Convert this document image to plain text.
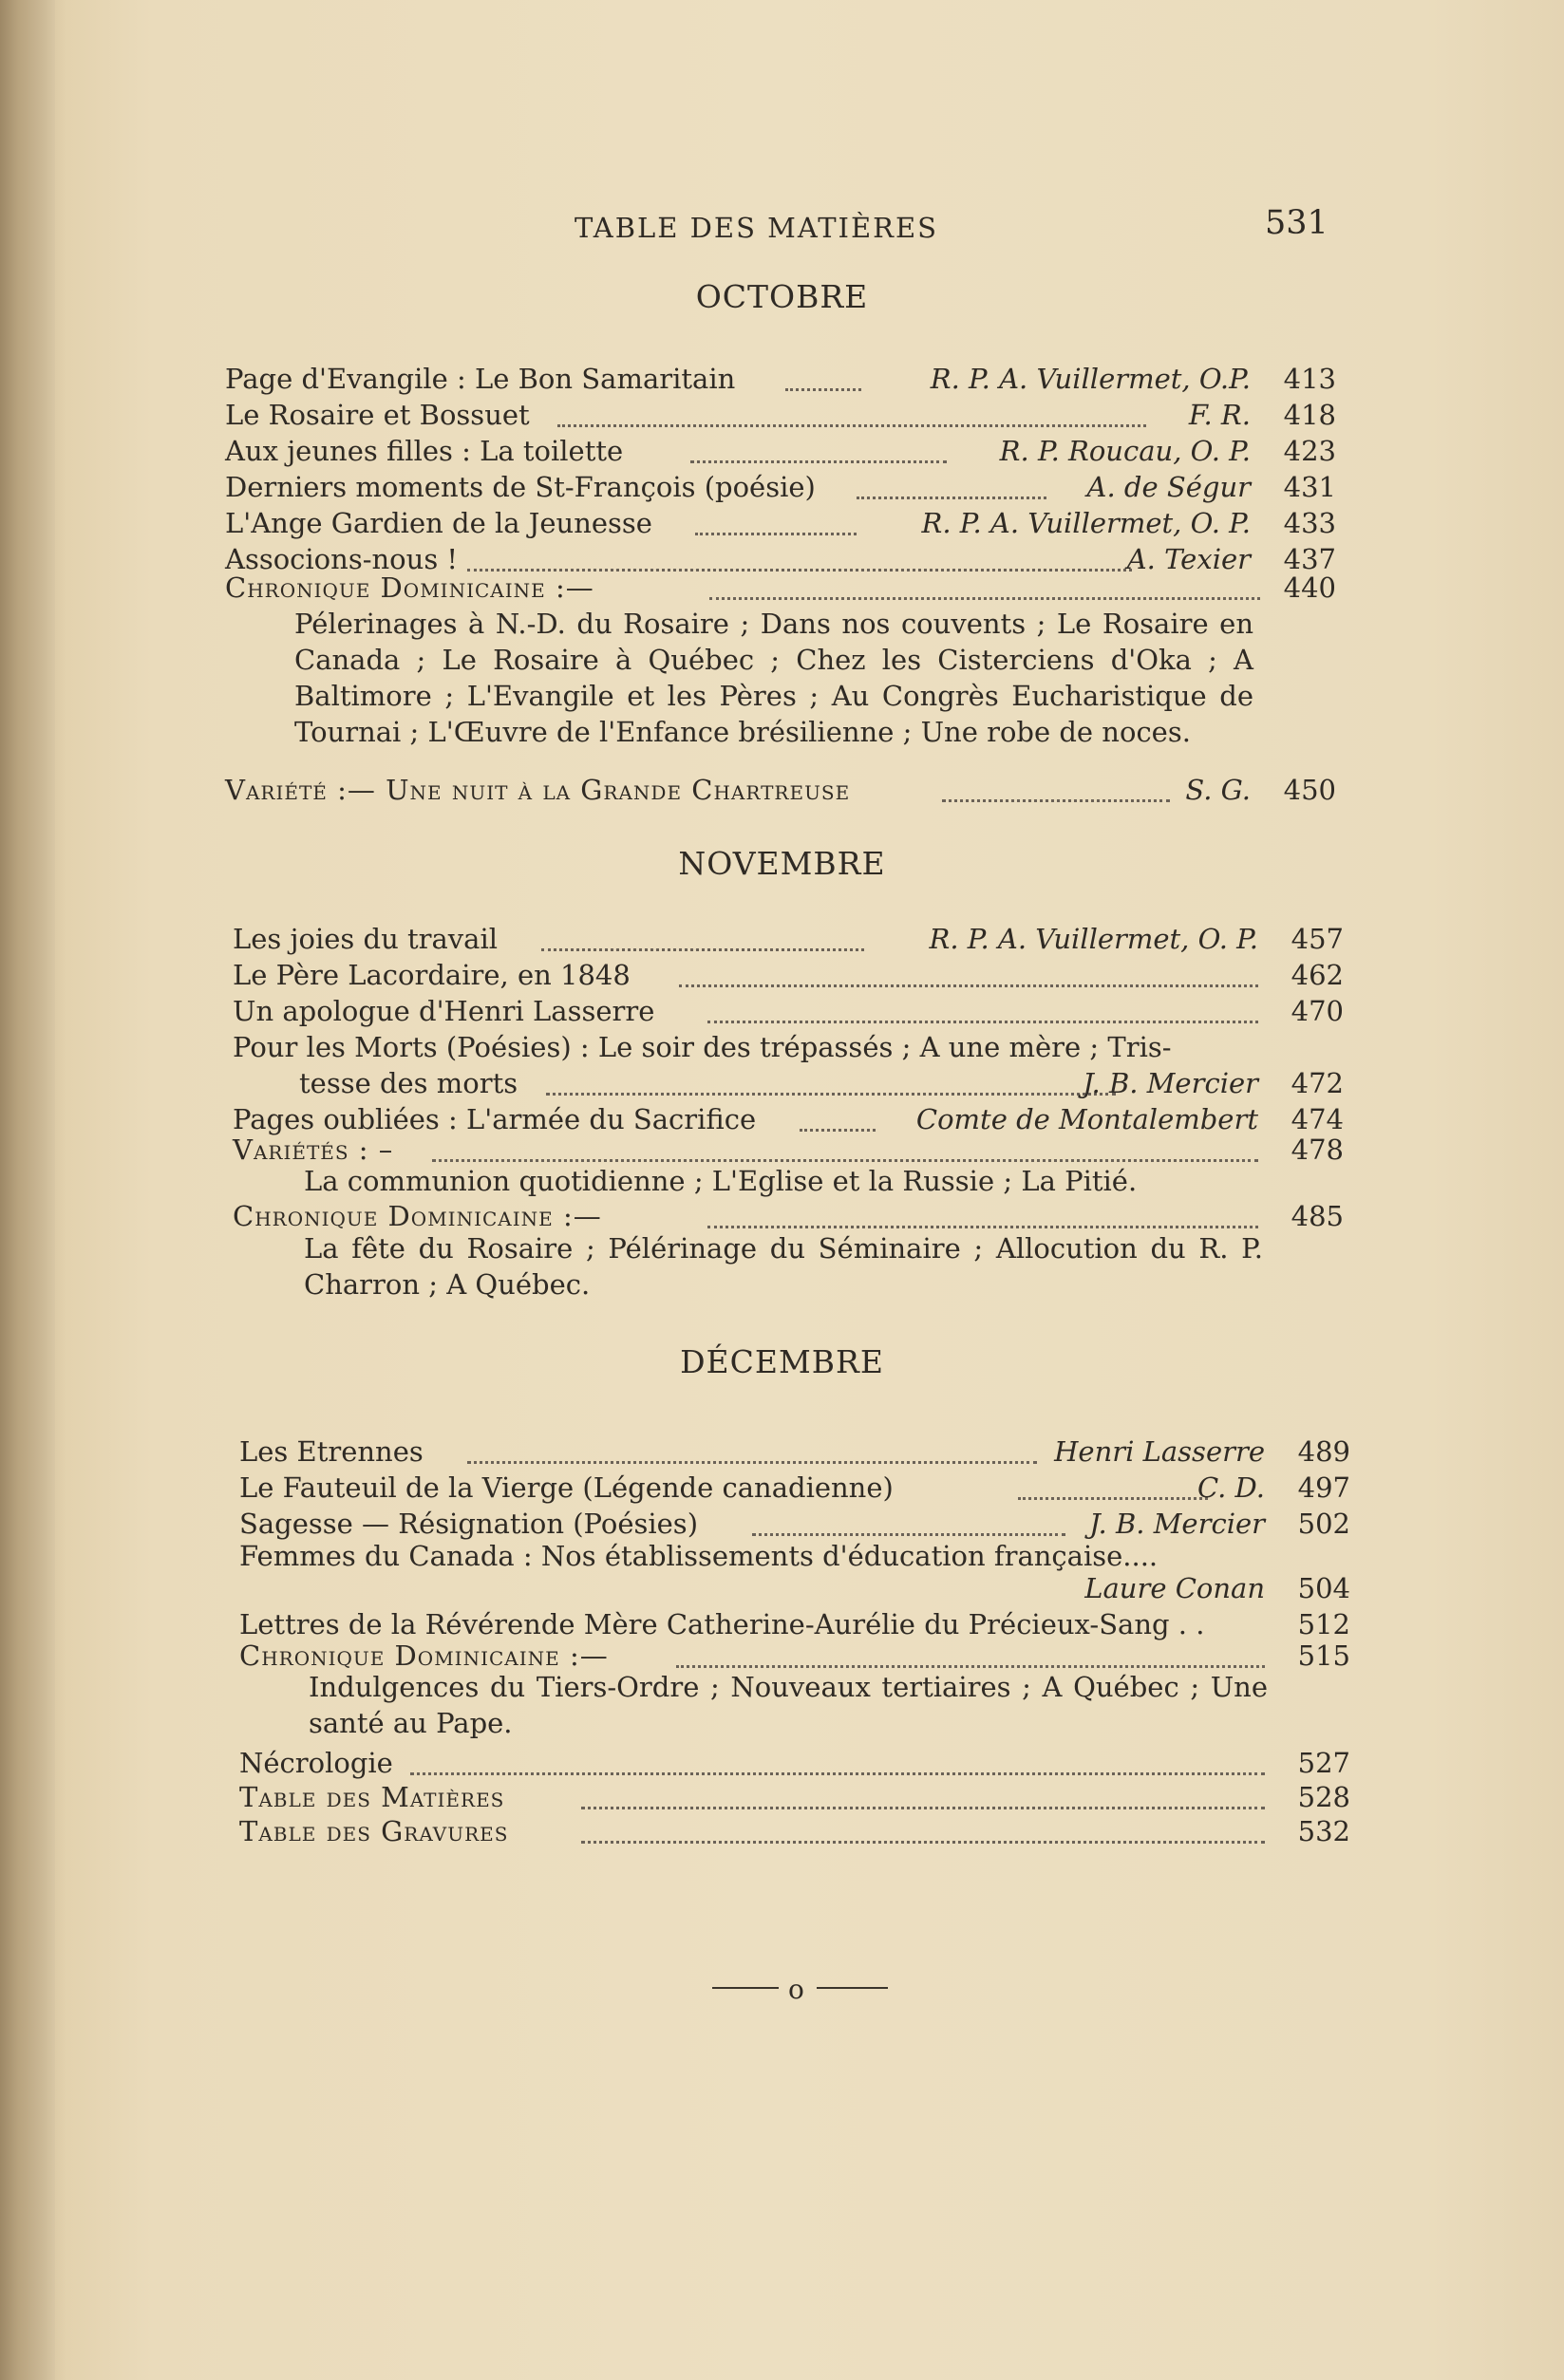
TABLE DES MATIÈRES	531
OCTOBRE
Page d'Evangile : Le Bon Samaritain	R. P. A. Vuillermet, O.P. 413
Le Rosaire et Bossuet	F. R. 418
Aux jeunes filles : La toilette	R. P. Roucau, O. P. 423
Derniers moments de St-François (poésie)	A. de Ségur 431
L'Ange Gardien de la Jeunesse	R. P. A. Vuillermet, O. P. 433
Associons-nous !	A. Texier 437
Chronique Dominicaine :—	440
Pélerinages à N.-D. du Rosaire ; Dans nos couvents ; Le Rosaire en Canada ; Le Rosaire à Québec ; Chez les Cisterciens d'Oka ; A Baltimore ; L'Evangile et les Pères ; Au Congrès Eucharistique de Tournai ; L'Œuvre de l'Enfance brésilienne ; Une robe de noces.
Variété :— Une nuit à la Grande Chartreuse	S. G. 450
NOVEMBRE
Les joies du travail	R. P. A. Vuillermet, O. P. 457
Le Père Lacordaire, en 1848	462
Un apologue d'Henri Lasserre	470
Pour les Morts (Poésies) : Le soir des trépassés ; A une mère ; Tris-
tesse des morts	J. B. Mercier 472
Pages oubliées : L'armée du Sacrifice	Comte de Montalembert 474
Variétés : –	478
La communion quotidienne ; L'Eglise et la Russie ; La Pitié.
Chronique Dominicaine :—	485
La fête du Rosaire ; Pélérinage du Séminaire ; Allocution du R. P. Charron ; A Québec.
DÉCEMBRE
Les Etrennes	Henri Lasserre 489
Le Fauteuil de la Vierge (Légende canadienne)	C. D. 497
Sagesse — Résignation (Poésies)	J. B. Mercier 502
Femmes du Canada : Nos établissements d'éducation française....
Laure Conan 504
Lettres de la Révérende Mère Catherine-Aurélie du Précieux-Sang . .	512
Chronique Dominicaine :—	515
Indulgences du Tiers-Ordre ; Nouveaux tertiaires ; A Québec ; Une santé au Pape.
Nécrologie	527
Table des Matières	528
Table des Gravures	532
o
